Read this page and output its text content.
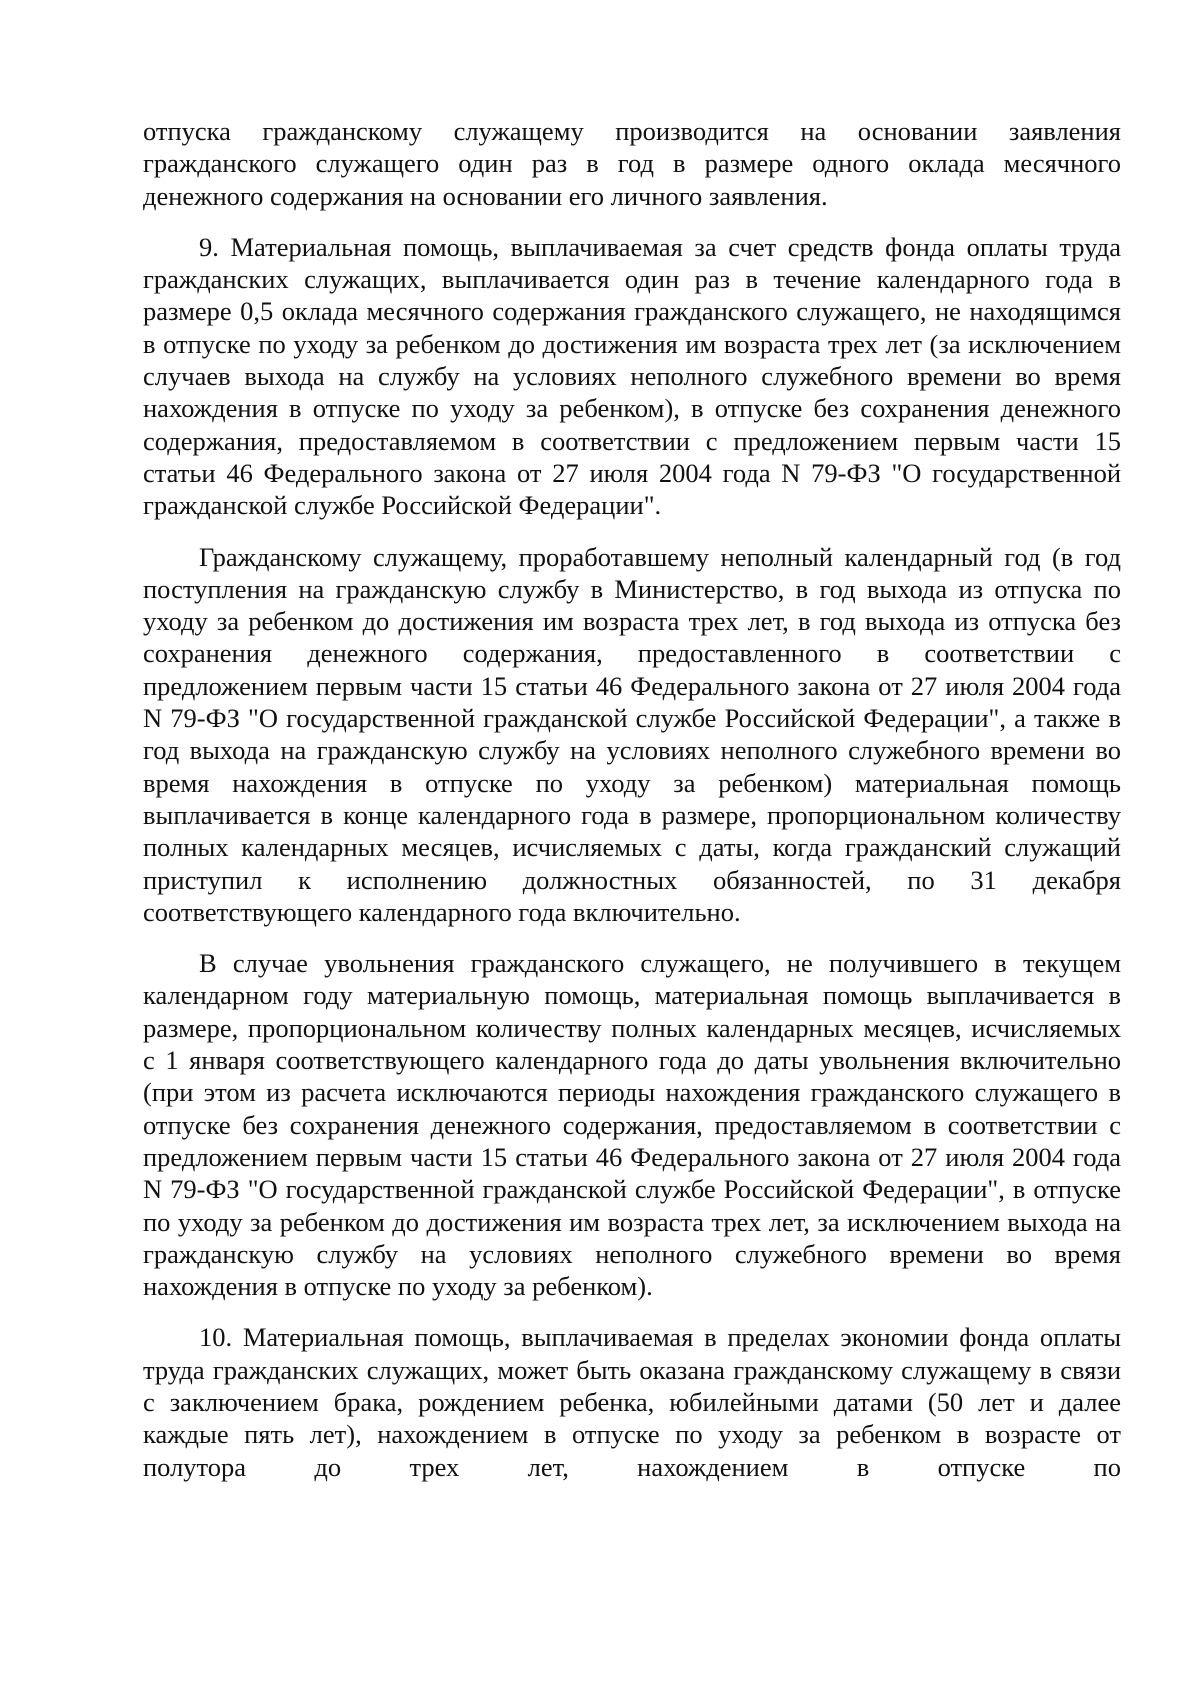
отпуска гражданскому служащему производится на основании заявления гражданского служащего один раз в год в размере одного оклада месячного денежного содержания на основании его личного заявления.

9. Материальная помощь, выплачиваемая за счет средств фонда оплаты труда гражданских служащих, выплачивается один раз в течение календарного года в размере 0,5 оклада месячного содержания гражданского служащего, не находящимся в отпуске по уходу за ребенком до достижения им возраста трех лет (за исключением случаев выхода на службу на условиях неполного служебного времени во время нахождения в отпуске по уходу за ребенком), в отпуске без сохранения денежного содержания, предоставляемом в соответствии с предложением первым части 15 статьи 46 Федерального закона от 27 июля 2004 года N 79-ФЗ "О государственной гражданской службе Российской Федерации".

Гражданскому служащему, проработавшему неполный календарный год (в год поступления на гражданскую службу в Министерство, в год выхода из отпуска по уходу за ребенком до достижения им возраста трех лет, в год выхода из отпуска без сохранения денежного содержания, предоставленного в соответствии с предложением первым части 15 статьи 46 Федерального закона от 27 июля 2004 года N 79-ФЗ "О государственной гражданской службе Российской Федерации", а также в год выхода на гражданскую службу на условиях неполного служебного времени во время нахождения в отпуске по уходу за ребенком) материальная помощь выплачивается в конце календарного года в размере, пропорциональном количеству полных календарных месяцев, исчисляемых с даты, когда гражданский служащий приступил к исполнению должностных обязанностей, по 31 декабря соответствующего календарного года включительно.

В случае увольнения гражданского служащего, не получившего в текущем календарном году материальную помощь, материальная помощь выплачивается в размере, пропорциональном количеству полных календарных месяцев, исчисляемых с 1 января соответствующего календарного года до даты увольнения включительно (при этом из расчета исключаются периоды нахождения гражданского служащего в отпуске без сохранения денежного содержания, предоставляемом в соответствии с предложением первым части 15 статьи 46 Федерального закона от 27 июля 2004 года N 79-ФЗ "О государственной гражданской службе Российской Федерации", в отпуске по уходу за ребенком до достижения им возраста трех лет, за исключением выхода на гражданскую службу на условиях неполного служебного времени во время нахождения в отпуске по уходу за ребенком).

10. Материальная помощь, выплачиваемая в пределах экономии фонда оплаты труда гражданских служащих, может быть оказана гражданскому служащему в связи с заключением брака, рождением ребенка, юбилейными датами (50 лет и далее каждые пять лет), нахождением в отпуске по уходу за ребенком в возрасте от полутора до трех лет, нахождением в отпуске по
